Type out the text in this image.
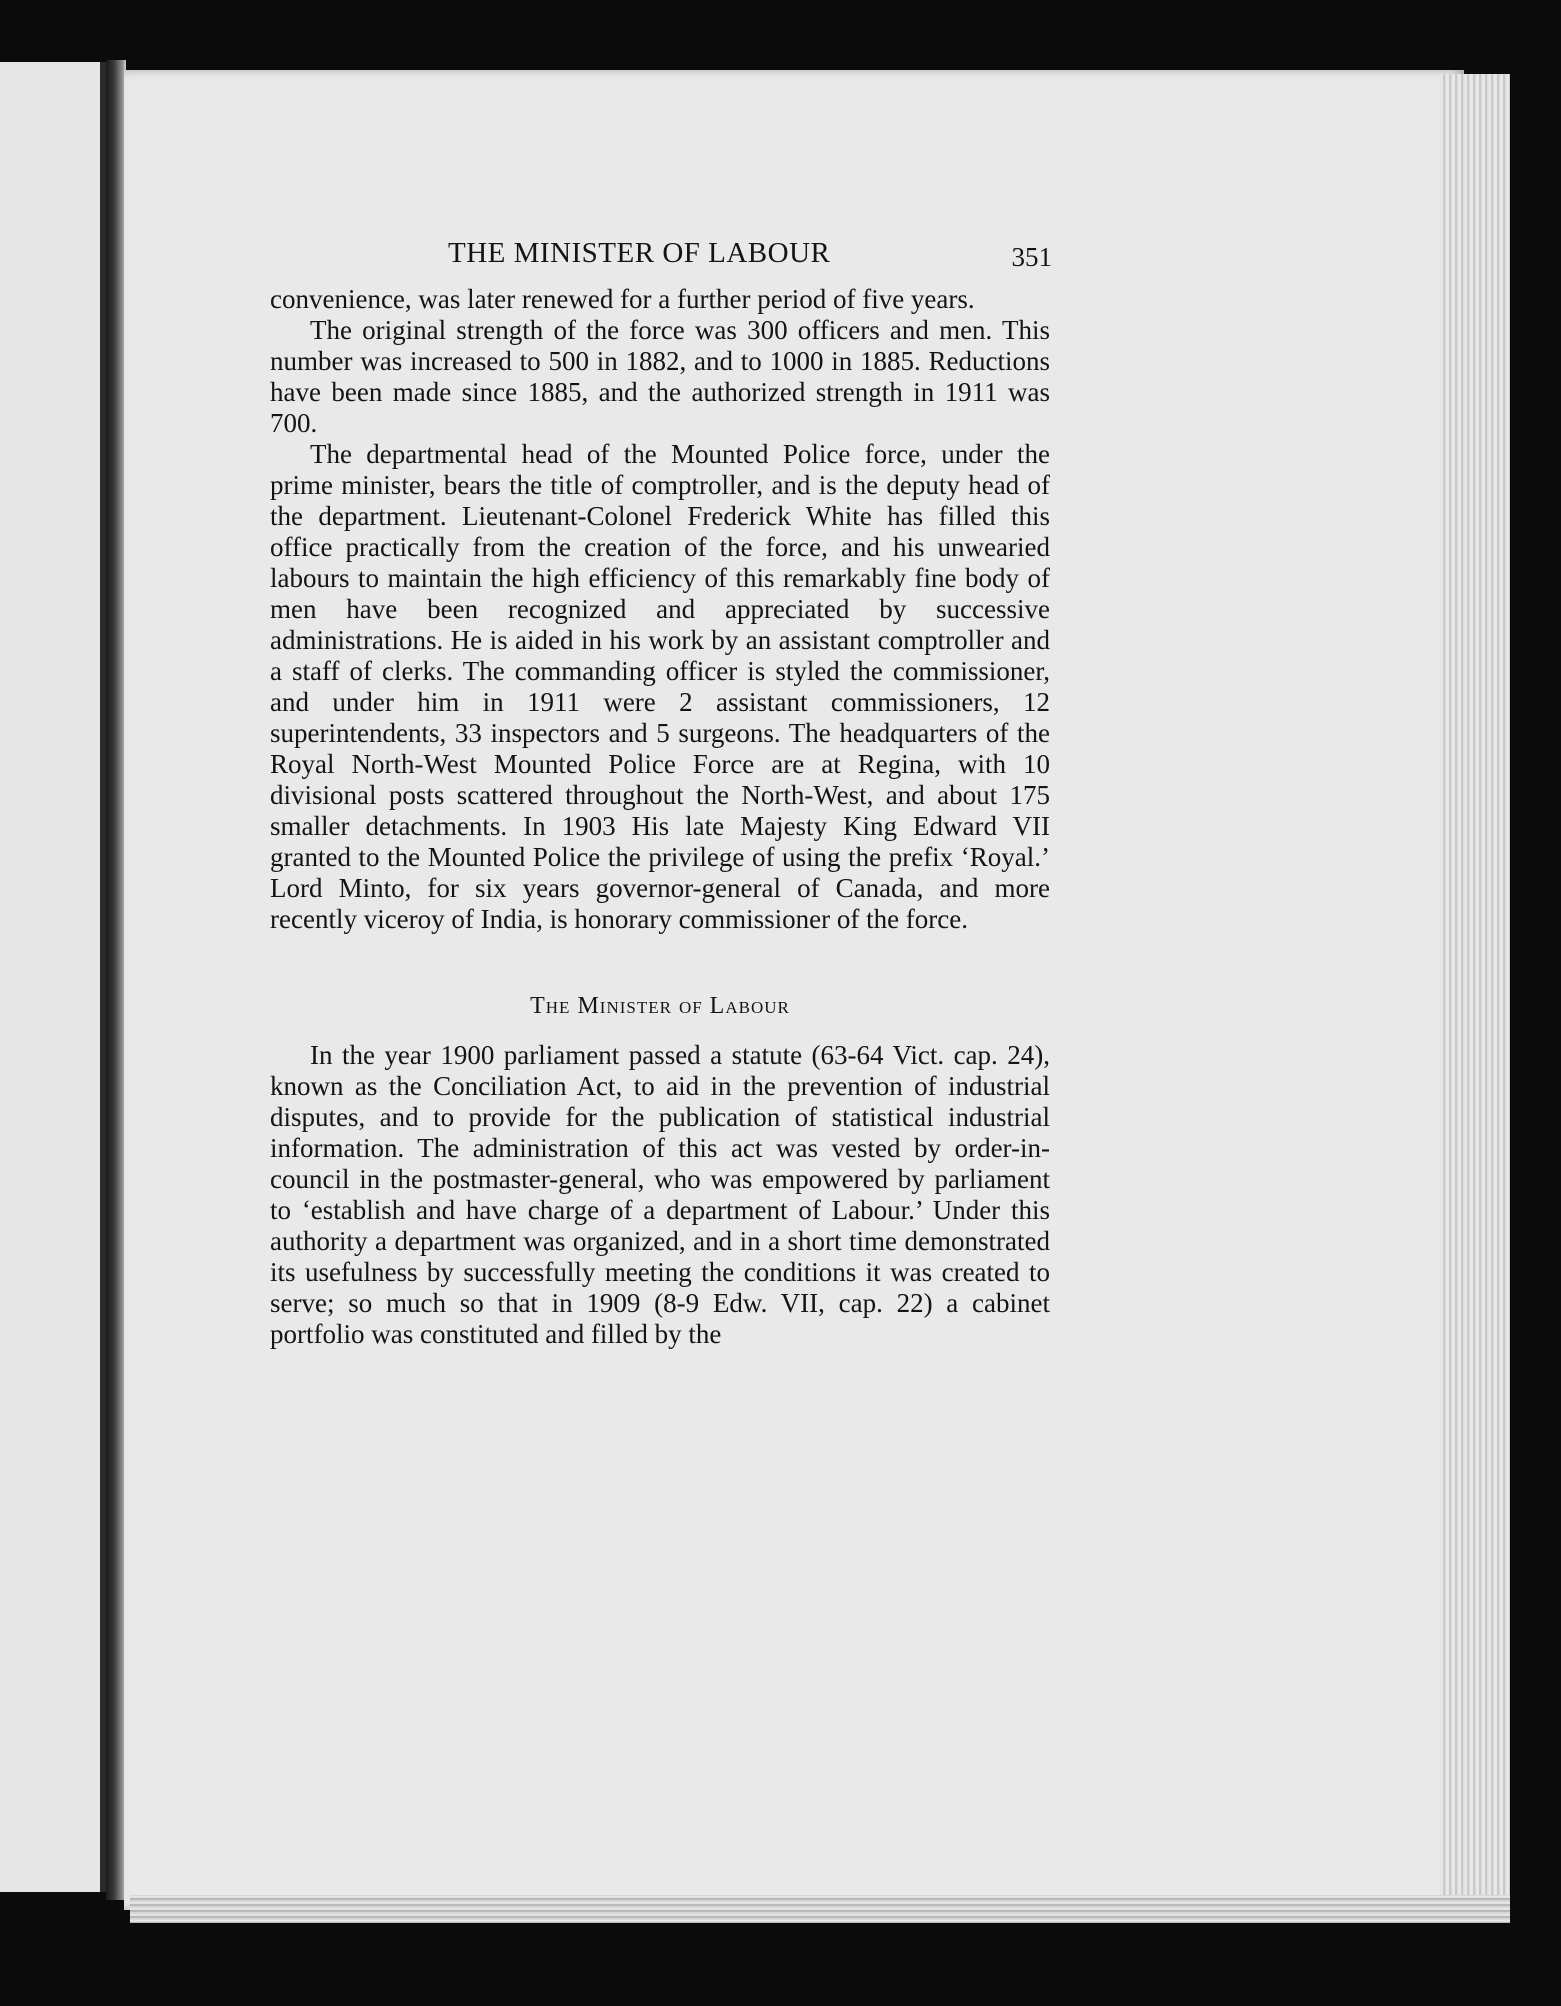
THE MINISTER OF LABOUR	351

convenience, was later renewed for a further period of five years.

The original strength of the force was 300 officers and men. This number was increased to 500 in 1882, and to 1000 in 1885. Reductions have been made since 1885, and the authorized strength in 1911 was 700.

The departmental head of the Mounted Police force, under the prime minister, bears the title of comptroller, and is the deputy head of the department. Lieutenant-Colonel Frederick White has filled this office practically from the creation of the force, and his unwearied labours to maintain the high efficiency of this remarkably fine body of men have been recognized and appreciated by successive administrations. He is aided in his work by an assistant comptroller and a staff of clerks. The commanding officer is styled the commissioner, and under him in 1911 were 2 assistant commissioners, 12 superintendents, 33 inspectors and 5 surgeons. The headquarters of the Royal North-West Mounted Police Force are at Regina, with 10 divisional posts scattered throughout the North-West, and about 175 smaller detachments. In 1903 His late Majesty King Edward VII granted to the Mounted Police the privilege of using the prefix ‘Royal.’ Lord Minto, for six years governor-general of Canada, and more recently viceroy of India, is honorary commissioner of the force.

The Minister of Labour

In the year 1900 parliament passed a statute (63-64 Vict. cap. 24), known as the Conciliation Act, to aid in the prevention of industrial disputes, and to provide for the publication of statistical industrial information. The administration of this act was vested by order-in-council in the postmaster-general, who was empowered by parliament to ‘establish and have charge of a department of Labour.’ Under this authority a department was organized, and in a short time demonstrated its usefulness by successfully meeting the conditions it was created to serve; so much so that in 1909 (8-9 Edw. VII, cap. 22) a cabinet portfolio was constituted and filled by the
